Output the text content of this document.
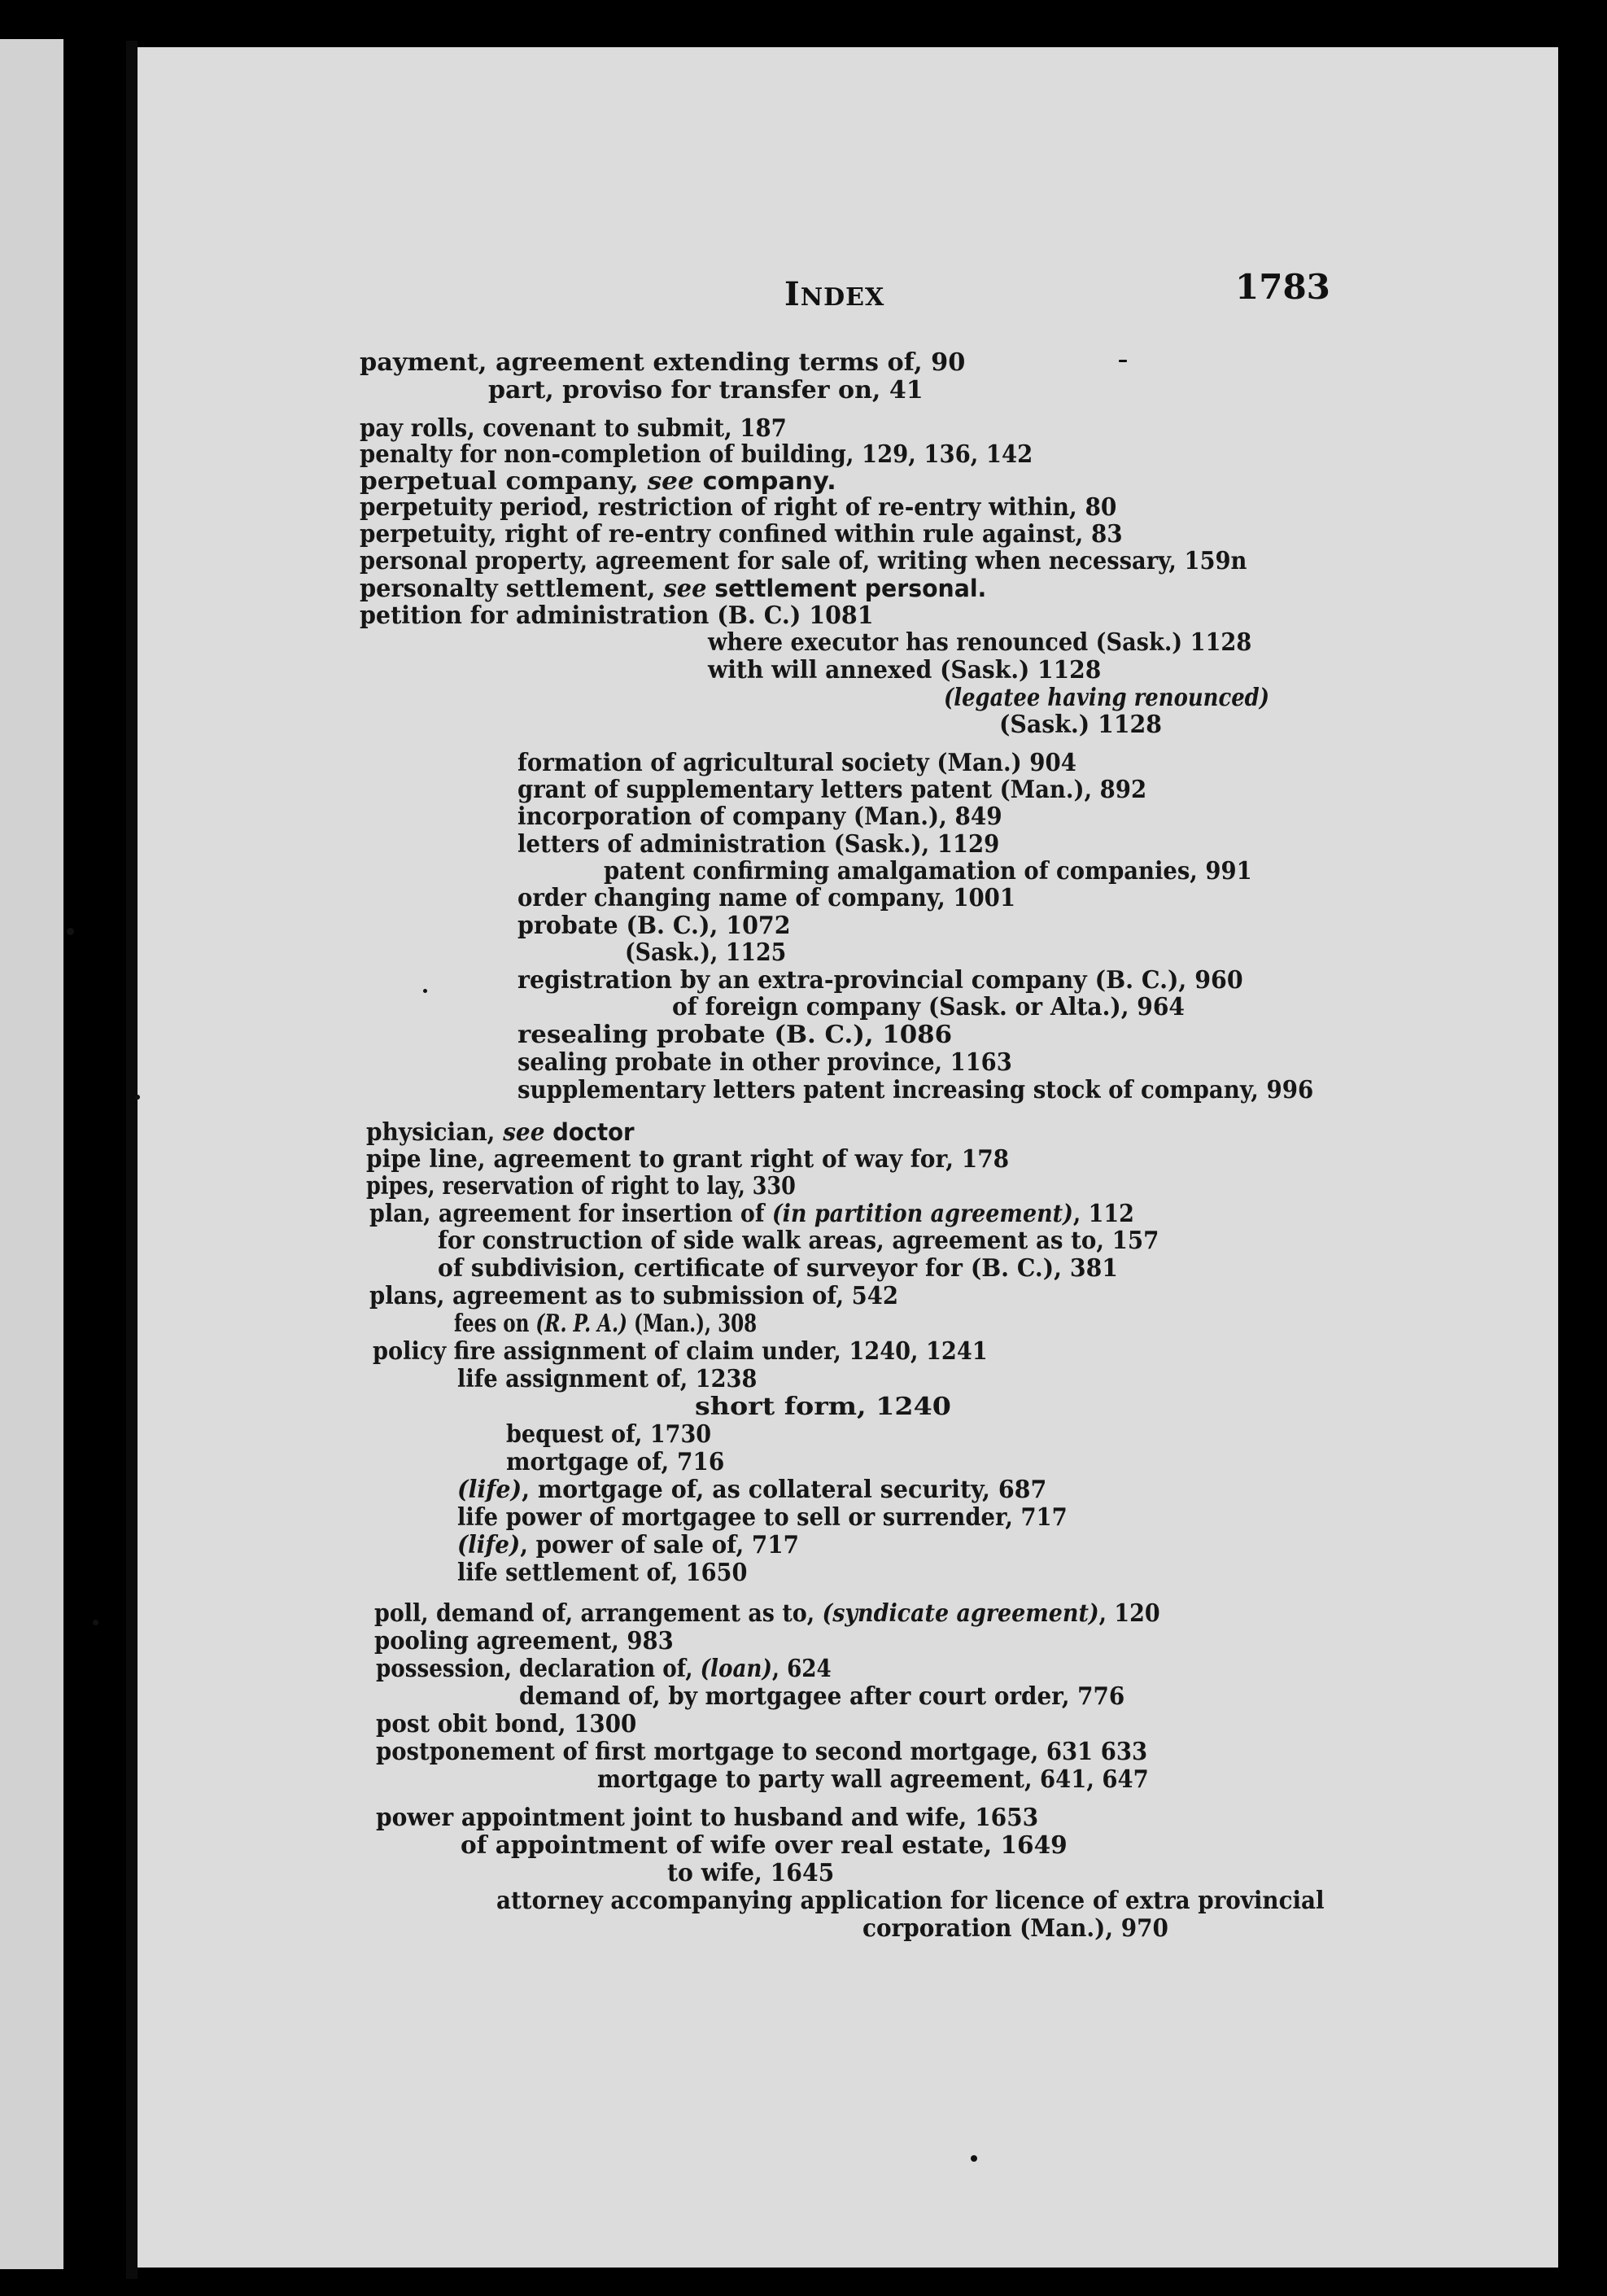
INDEX	1783
payment, agreement extending terms of, 90
part, proviso for transfer on, 41
pay rolls, covenant to submit, 187
penalty for non-completion of building, 129, 136, 142
perpetual company, see company.
perpetuity period, restriction of right of re-entry within, 80
perpetuity, right of re-entry confined within rule against, 83
personal property, agreement for sale of, writing when necessary, 159n
personalty settlement, see settlement personal.
petition for administration (B. C.) 1081
where executor has renounced (Sask.) 1128
with will annexed (Sask.) 1128
(legatee having renounced)
(Sask.) 1128
formation of agricultural society (Man.) 904
grant of supplementary letters patent (Man.), 892
incorporation of company (Man.), 849
letters of administration (Sask.), 1129
patent confirming amalgamation of companies, 991
order changing name of company, 1001
probate (B. C.), 1072
(Sask.), 1125
registration by an extra-provincial company (B. C.), 960
of foreign company (Sask. or Alta.), 964
resealing probate (B. C.), 1086
sealing probate in other province, 1163
supplementary letters patent increasing stock of company, 996
physician, see doctor
pipe line, agreement to grant right of way for, 178
pipes, reservation of right to lay, 330
plan, agreement for insertion of (in partition agreement), 112
for construction of side walk areas, agreement as to, 157
of subdivision, certificate of surveyor for (B. C.), 381
plans, agreement as to submission of, 542
fees on (R. P. A.) (Man.), 308
policy fire assignment of claim under, 1240, 1241
life assignment of, 1238
short form, 1240
bequest of, 1730
mortgage of, 716
(life), mortgage of, as collateral security, 687
life power of mortgagee to sell or surrender, 717
(life), power of sale of, 717
life settlement of, 1650
poll, demand of, arrangement as to, (syndicate agreement), 120
pooling agreement, 983
possession, declaration of, (loan), 624
demand of, by mortgagee after court order, 776
post obit bond, 1300
postponement of first mortgage to second mortgage, 631 633
mortgage to party wall agreement, 641, 647
power appointment joint to husband and wife, 1653
of appointment of wife over real estate, 1649
to wife, 1645
attorney accompanying application for licence of extra provincial
corporation (Man.), 970
